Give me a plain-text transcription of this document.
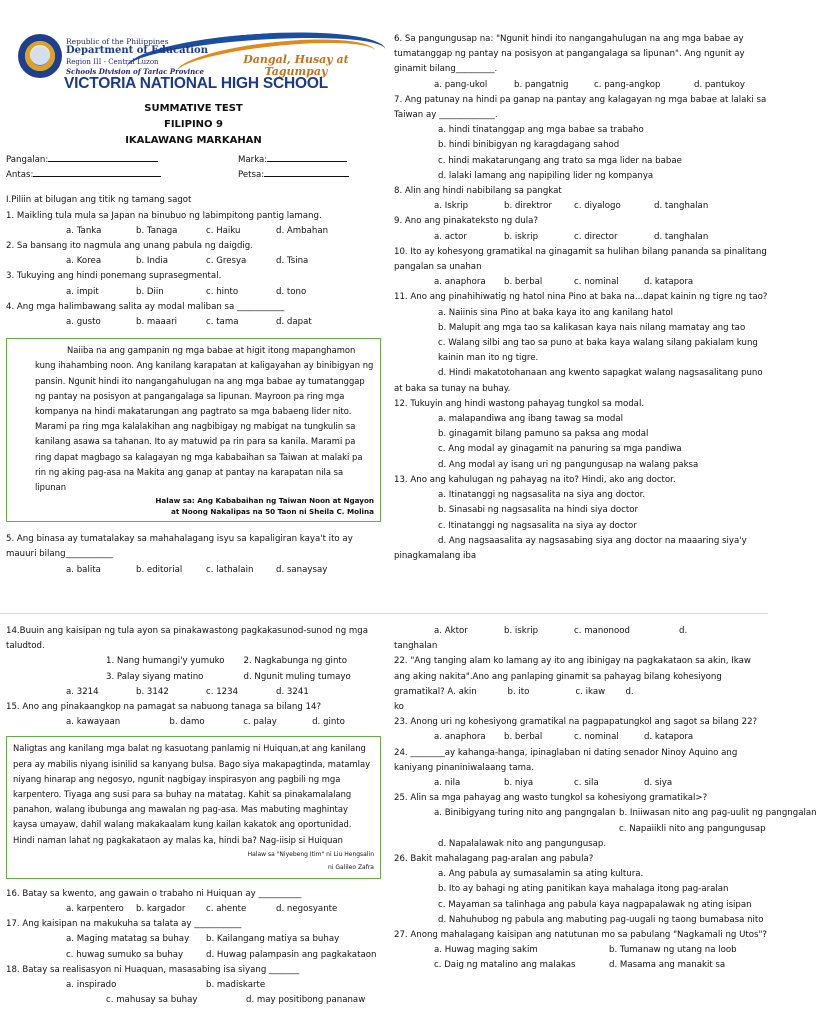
Republic of the Philippines
Department of Education
Region III - Central Luzon
Schools Division of Tarlac Province
Dangal, Husay at Tagumpay
VICTORIA NATIONAL HIGH SCHOOL
SUMMATIVE TEST
FILIPINO 9
IKALAWANG MARKAHAN
Pangalan:	Marka:
Antas:	Petsa:
I.Piliin at bilugan ang titik ng tamang sagot
1. Maikling tula mula sa Japan na binubuo ng labimpitong pantig lamang.
a. Tanka	b. Tanaga	c. Haiku	d. Ambahan
2. Sa bansang ito nagmula ang unang pabula ng daigdig.
a. Korea	b. India	c. Gresya	d. Tsina
3. Tukuying ang hindi ponemang suprasegmental.
a. impit	b. Diin	c. hinto	d. tono
4. Ang mga halimbawang salita ay modal maliban sa ___________
a. gusto	b. maaari	c. tama	d. dapat

Naiiba na ang gampanin ng mga babae at higit itong mapanghamon kung ihahambing noon. Ang kanilang karapatan at kaligayahan ay binibigyan ng pansin. Ngunit hindi ito nangangahulugan na ang mga babae ay tumatanggap ng pantay na posisyon at pangangalaga sa lipunan. Mayroon pa ring mga kompanya na hindi makatarungan ang pagtrato sa mga babaeng lider nito. Marami pa ring mga kalalakihan ang nagbibigay ng mabigat na tungkulin sa kanilang asawa sa tahanan. Ito ay matuwid pa rin para sa kanila. Marami pa ring dapat magbago sa kalagayan ng mga kababaihan sa Taiwan at malaki pa rin ng aking pag-asa na Makita ang ganap at pantay na karapatan nila sa lipunan

Halaw sa: Ang Kababaihan ng Taiwan Noon at Ngayon
at Noong Nakalipas na 50 Taon ni Sheila C. Molina
5. Ang binasa ay tumatalakay sa mahahalagang isyu sa kapaligiran kaya't ito ay mauuri bilang___________
a. balita	b. editorial	c. lathalain	d. sanaysay
6. Sa pangungusap na: "Ngunit hindi ito nangangahulugan na ang mga babae ay tumatanggap ng pantay na posisyon at pangangalaga sa lipunan". Ang ngunit ay ginamit bilang_________.
a. pang-ukol	b. pangatnig	c. pang-angkop	d. pantukoy
7. Ang patunay na hindi pa ganap na pantay ang kalagayan ng mga babae at lalaki sa Taiwan ay _____________.
a. hindi tinatanggap ang mga babae sa trabaho
b. hindi binibigyan ng karagdagang sahod
c. hindi makatarungang ang trato sa mga lider na babae
d. lalaki lamang ang napipiling lider ng kompanya
8. Alin ang hindi nabibilang sa pangkat
a. Iskrip	b. direktror	c. diyalogo	d. tanghalan
9. Ano ang pinakateksto ng dula?
a. actor	b. iskrip	c. director	d. tanghalan
10. Ito ay kohesyong gramatikal na ginagamit sa hulihan bilang pananda sa pinalitang pangalan sa unahan
a. anaphora	b. berbal	c. nominal	d. katapora
11. Ano ang pinahihiwatig ng hatol nina Pino at baka na...dapat kainin ng tigre ng tao?
a. Naiinis sina Pino at baka kaya ito ang kanilang hatol
b. Malupit ang mga tao sa kalikasan kaya nais nilang mamatay ang tao
c. Walang silbi ang tao sa puno at baka kaya walang silang pakialam kung kainin man ito ng tigre.
d. Hindi makatotohanaan ang kwento sapagkat walang nagsasalitang puno at baka sa tunay na buhay.
12. Tukuyin ang hindi wastong pahayag tungkol sa modal.
a. malapandiwa ang ibang tawag sa modal
b. ginagamit bilang pamuno sa paksa ang modal
c. Ang modal ay ginagamit na panuring sa mga pandiwa
d. Ang modal ay isang uri ng pangungusap na walang paksa
13. Ano ang kahulugan ng pahayag na ito? Hindi, ako ang doctor.
a. Itinatanggi ng nagsasalita na siya ang doctor.
b. Sinasabi ng nagsasalita na hindi siya doctor
c. Itinatanggi ng nagsasalita na siya ay doctor
d. Ang nagsaasalita ay nagsasabing siya ang doctor na maaaring siya'y pinagkamalang iba
14.Buuin ang kaisipan ng tula ayon sa pinakawastong pagkakasunod-sunod ng mga taludtod.
1. Nang humangi'y yumuko	2. Nagkabunga ng ginto
3. Palay siyang matino	d. Ngunit muling tumayo
a. 3214	b. 3142	c. 1234	d. 3241
15. Ano ang pinakaangkop na pamagat sa nabuong tanaga sa bilang 14?
a. kawayaan	b. damo	c. palay	d. ginto
Naligtas ang kanilang mga balat ng kasuotang panlamig ni Huiquan,at ang kanilang pera ay mabilis niyang isinilid sa kanyang bulsa. Bago siya makapagtinda, matamlay niyang hinarap ang negosyo, ngunit nagbigay inspirasyon ang pagbili ng mga karpentero. Tiyaga ang susi para sa buhay na matatag. Kahit sa pinakamalalang panahon, walang ibubunga ang mawalan ng pag-asa. Mas mabuting maghintay kaysa umayaw, dahil walang makakaalam kung kailan kakatok ang oportunidad. Hindi naman lahat ng pagkakataon ay malas ka, hindi ba? Nag-iisip si Huiquan
Halaw sa "Niyebeng Itim" ni Liu Hengsalin
ni Galileo Zafra
16. Batay sa kwento, ang gawain o trabaho ni Huiquan ay __________
a. karpentero	b. kargador	c. ahente	d. negosyante
17. Ang kaisipan na makukuha sa talata ay ___________
a. Maging matatag sa buhay	b. Kailangang matiya sa buhay
c. huwag sumuko sa buhay	d. Huwag palampasin ang pagkakataon
18. Batay sa realisasyon ni Huaquan, masasabing isa siyang _______
a. inspirado	b. madiskarte
c. mahusay sa buhay	d. may positibong pananaw
a. Aktor	b. iskrip	c. manonood	d.
tanghalan
22. "Ang tanging alam ko lamang ay ito ang ibinigay na pagkakataon sa akin, Ikaw ang aking nakita".Ano ang panlaping ginamit sa pahayag bilang kohesiyong gramatikal? A. akin	b. ito	c. ikaw d.
ko
23. Anong uri ng kohesiyong gramatikal na pagpapatungkol ang sagot sa bilang 22?
a. anaphora	b. berbal	c. nominal	d. katapora
24. ________ay kahanga-hanga, ipinaglaban ni dating senador Ninoy Aquino ang kaniyang pinaniniwalaang tama.
a. nila	b. niya	c. sila	d. siya
25. Alin sa mga pahayag ang wasto tungkol sa kohesiyong gramatikal>?
a. Binibigyang turing nito ang pangngalan b. Iniiwasan nito ang pag-uulit ng pangngalan
c. Napaiikli nito ang pangungusap
d. Napalalawak nito ang pangungusap.
26. Bakit mahalagang pag-aralan ang pabula?
a. Ang pabula ay sumasalamin sa ating kultura.
b. Ito ay bahagi ng ating panitikan kaya mahalaga itong pag-aralan
c. Mayaman sa talinhaga ang pabula kaya nagpapalawak ng ating isipan
d. Nahuhubog ng pabula ang mabuting pag-uugali ng taong bumabasa nito
27. Anong mahalagang kaisipan ang natutunan mo sa pabulang "Nagkamali ng Utos"?
a. Huwag maging sakim	b. Tumanaw ng utang na loob
c. Daig ng matalino ang malakas	d. Masama ang manakit sa
